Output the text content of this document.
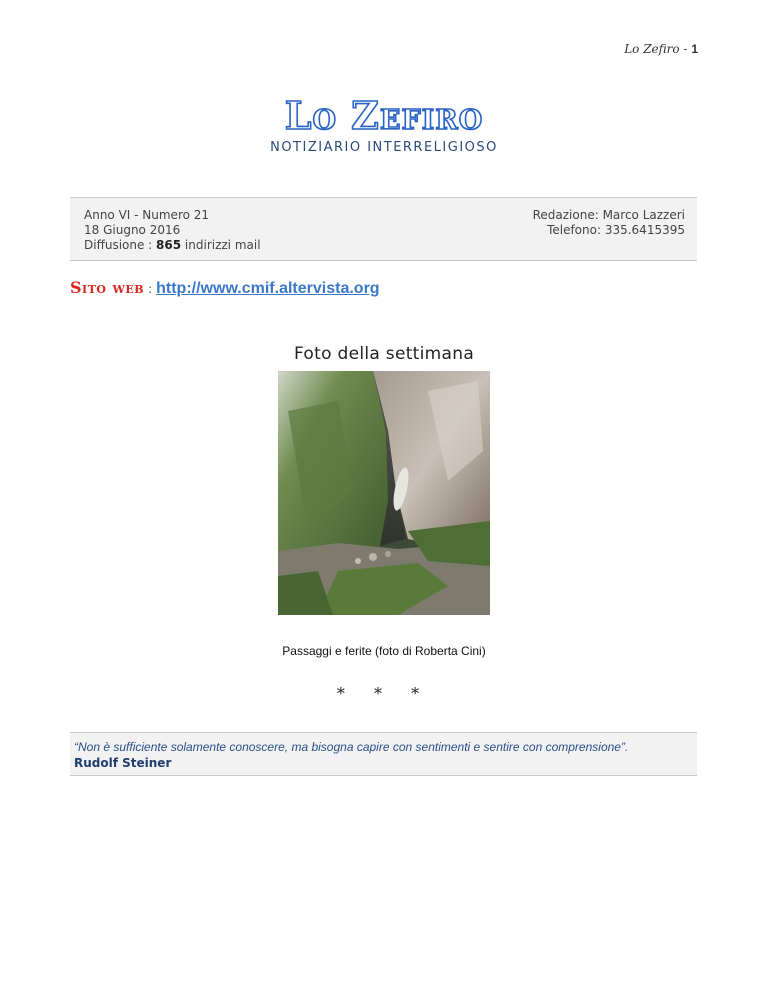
Lo Zefiro - 1
Lo Zefiro
NOTIZIARIO INTERRELIGIOSO
Anno VI - Numero 21
18 Giugno 2016
Diffusione : 865 indirizzi mail
Redazione: Marco Lazzeri
Telefono: 335.6415395
Sito web : http://www.cmif.altervista.org
Foto della settimana
Passaggi e ferite (foto di Roberta Cini)
* * *
“Non è sufficiente solamente conoscere, ma bisogna capire con sentimenti e sentire con comprensione”.
Rudolf Steiner
